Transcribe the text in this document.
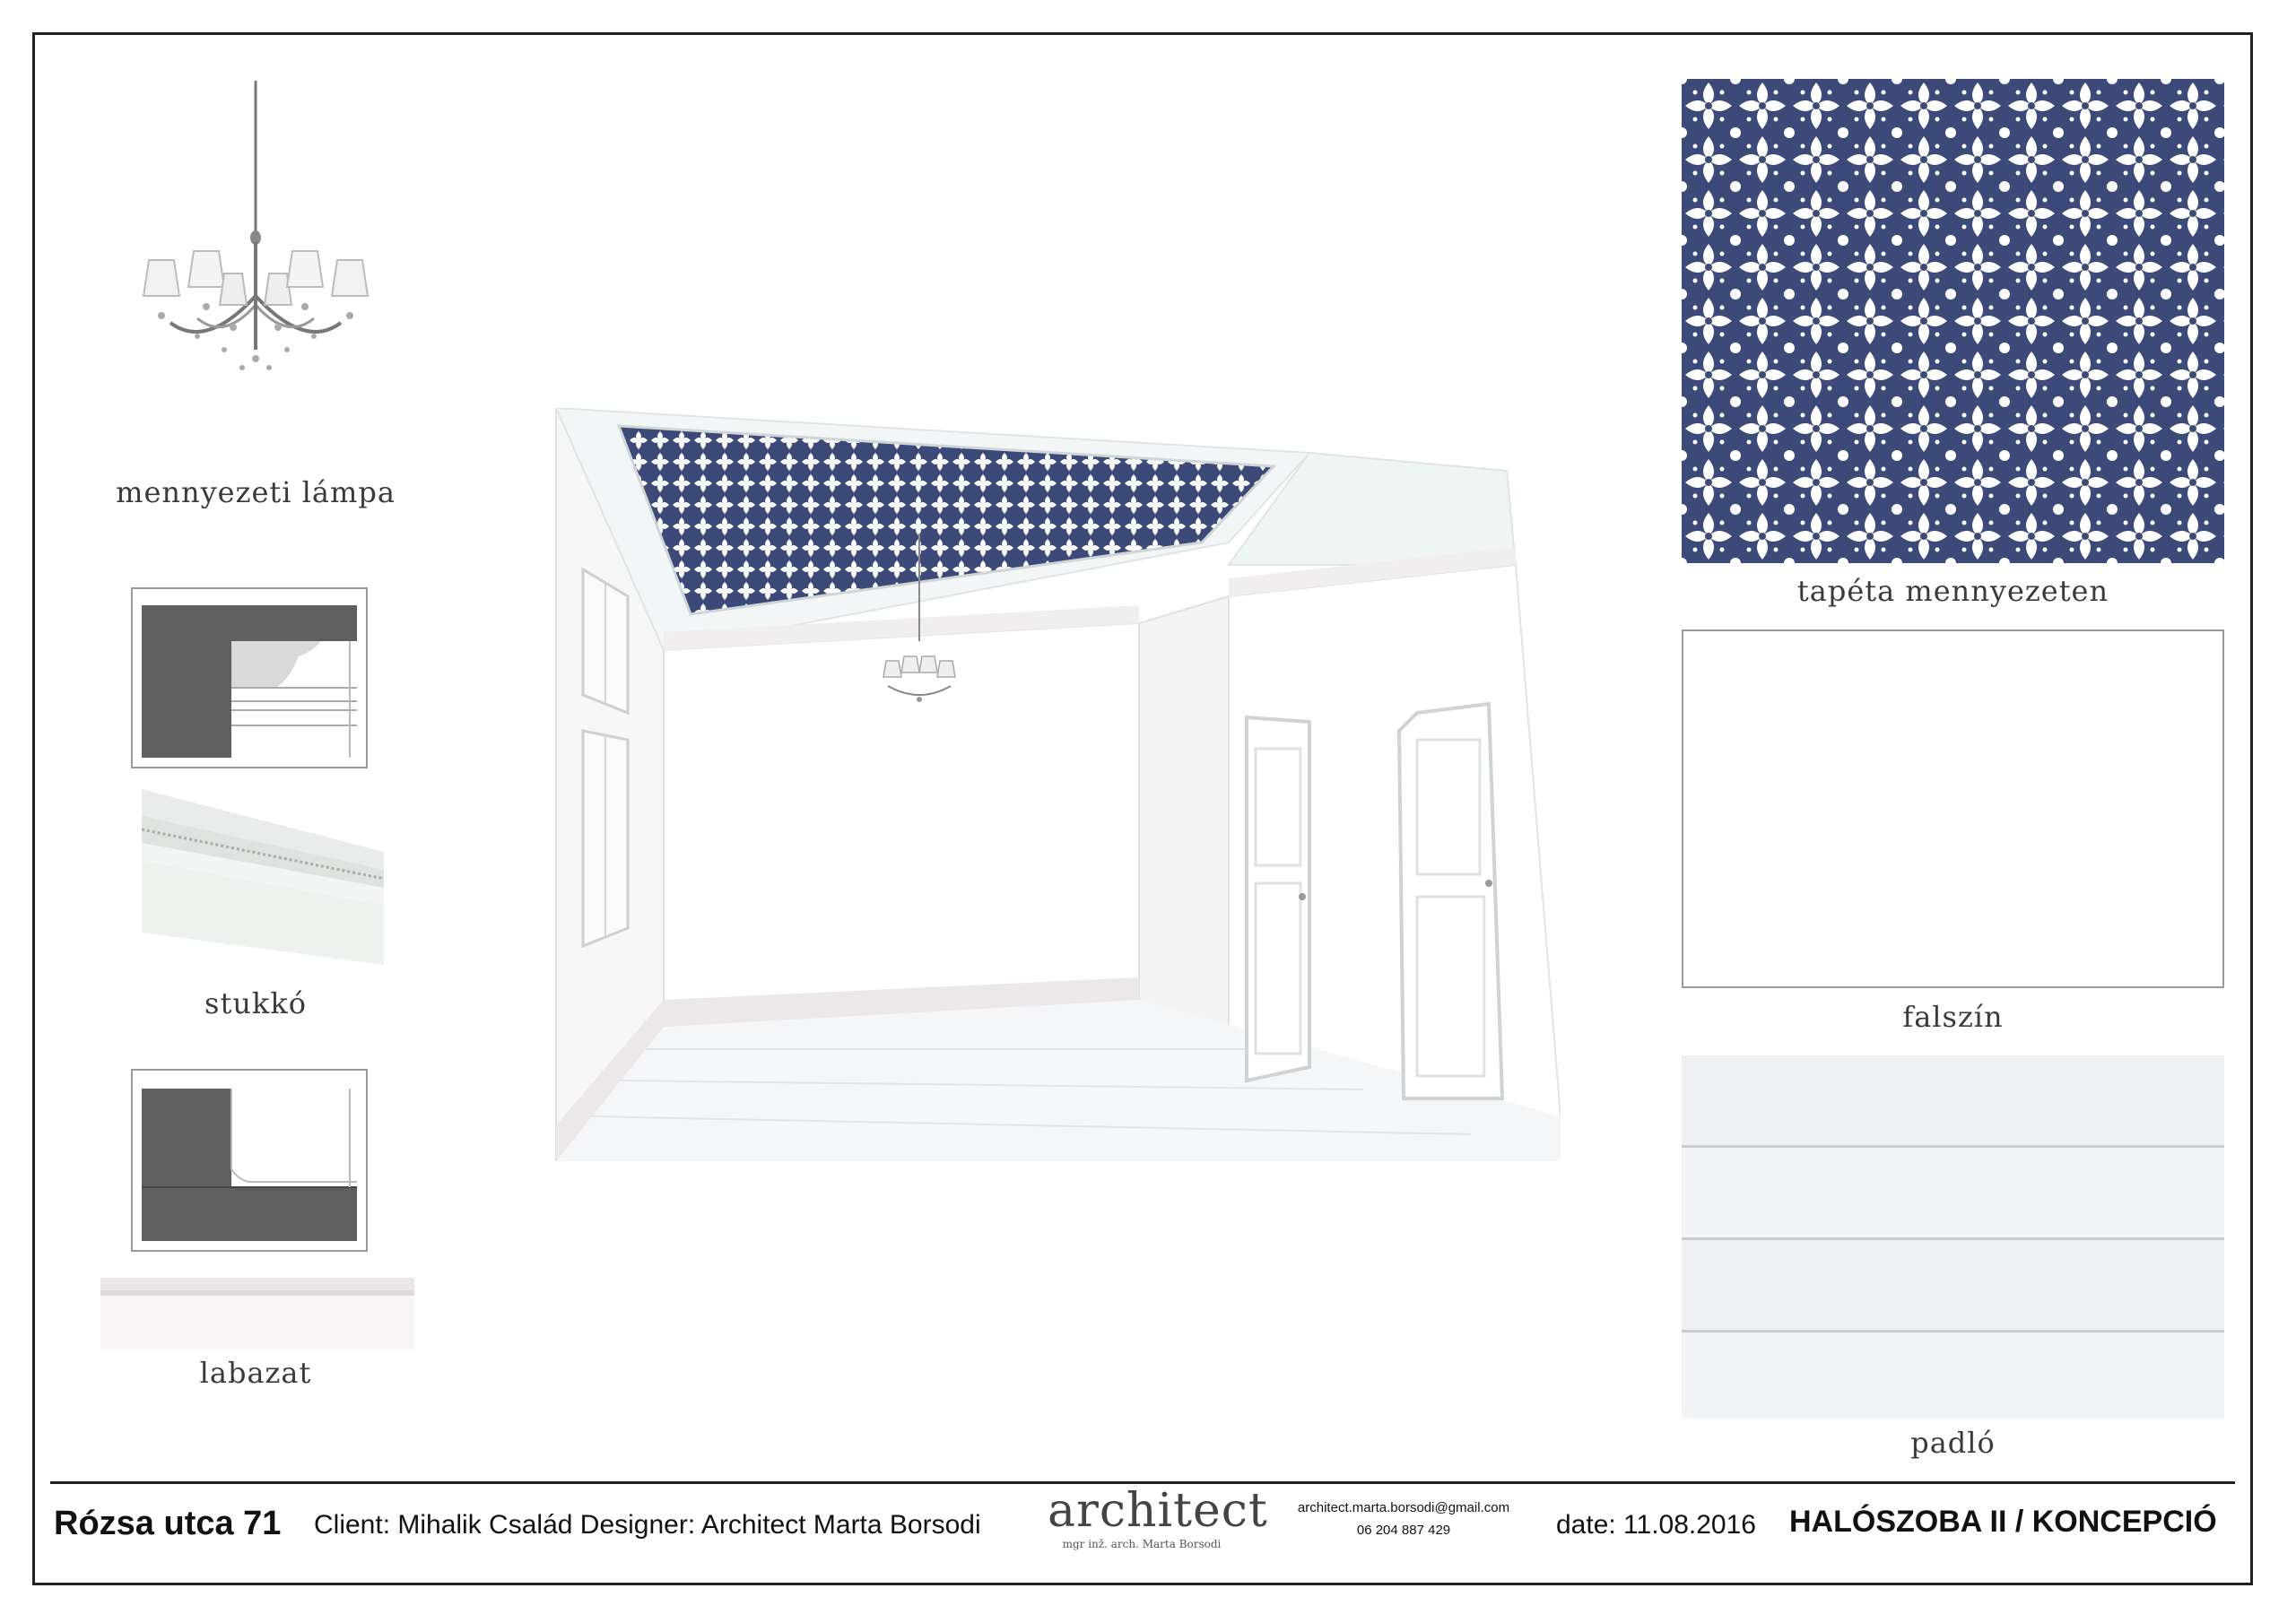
mennyezeti lámpa
stukkó
labazat
tapéta mennyezeten
falszín
padló
Rózsa utca 71 Client: Mihalik Család Designer: Architect Marta Borsodi architect
mgr inž. arch. Marta Borsodi
architect.marta.borsodi@gmail.com
06 204 887 429	date: 11.08.2016 HALÓSZOBA II / KONCEPCIÓ
